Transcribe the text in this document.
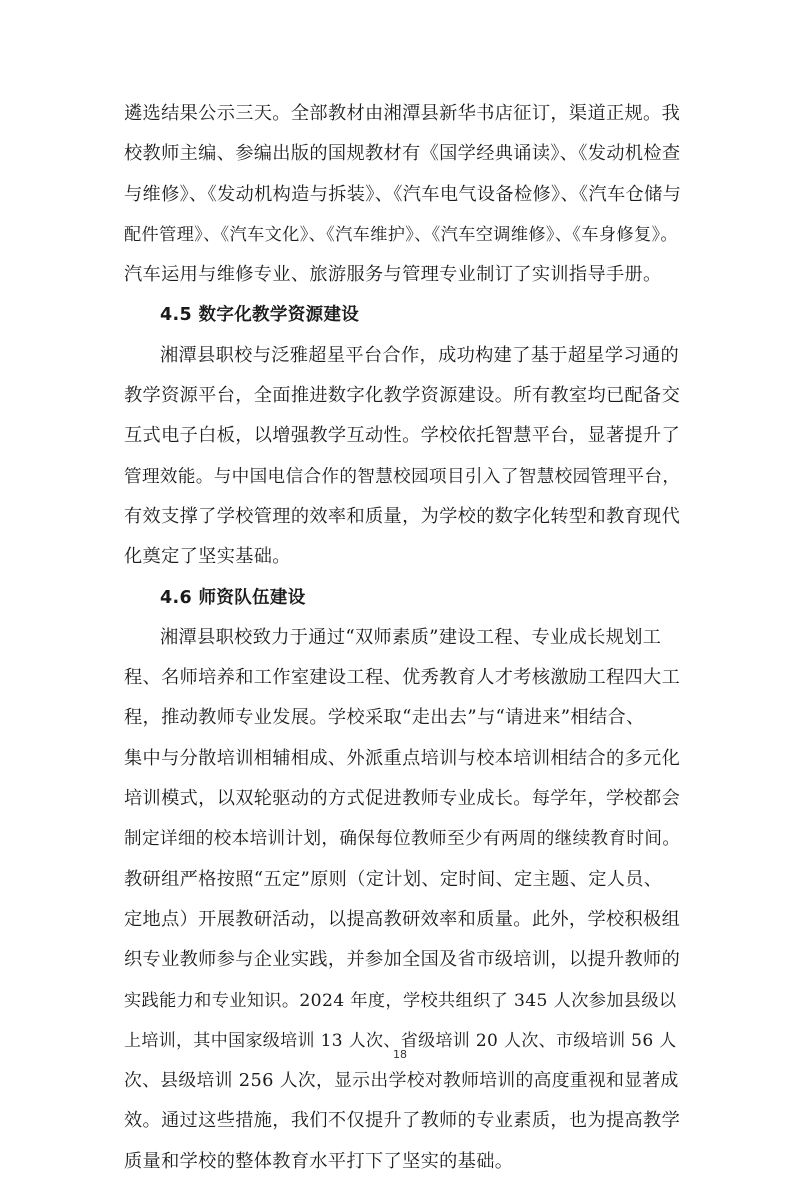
遴选结果公示三天。全部教材由湘潭县新华书店征订，渠道正规。我
校教师主编、参编出版的国规教材有《国学经典诵读》、《发动机检查
与维修》、《发动机构造与拆装》、《汽车电气设备检修》、《汽车仓储与
配件管理》、《汽车文化》、《汽车维护》、《汽车空调维修》、《车身修复》。
汽车运用与维修专业、旅游服务与管理专业制订了实训指导手册。
4.5 数字化教学资源建设
湘潭县职校与泛雅超星平台合作，成功构建了基于超星学习通的
教学资源平台，全面推进数字化教学资源建设。所有教室均已配备交
互式电子白板，以增强教学互动性。学校依托智慧平台，显著提升了
管理效能。与中国电信合作的智慧校园项目引入了智慧校园管理平台，
有效支撑了学校管理的效率和质量，为学校的数字化转型和教育现代
化奠定了坚实基础。
4.6 师资队伍建设
湘潭县职校致力于通过“双师素质”建设工程、专业成长规划工
程、名师培养和工作室建设工程、优秀教育人才考核激励工程四大工
程，推动教师专业发展。学校采取“走出去”与“请进来”相结合、
集中与分散培训相辅相成、外派重点培训与校本培训相结合的多元化
培训模式，以双轮驱动的方式促进教师专业成长。每学年，学校都会
制定详细的校本培训计划，确保每位教师至少有两周的继续教育时间。
教研组严格按照“五定”原则（定计划、定时间、定主题、定人员、
定地点）开展教研活动，以提高教研效率和质量。此外，学校积极组
织专业教师参与企业实践，并参加全国及省市级培训，以提升教师的
实践能力和专业知识。2024 年度，学校共组织了 345 人次参加县级以
上培训，其中国家级培训 13 人次、省级培训 20 人次、市级培训 56 人
次、县级培训 256 人次，显示出学校对教师培训的高度重视和显著成
效。通过这些措施，我们不仅提升了教师的专业素质，也为提高教学
质量和学校的整体教育水平打下了坚实的基础。
18
